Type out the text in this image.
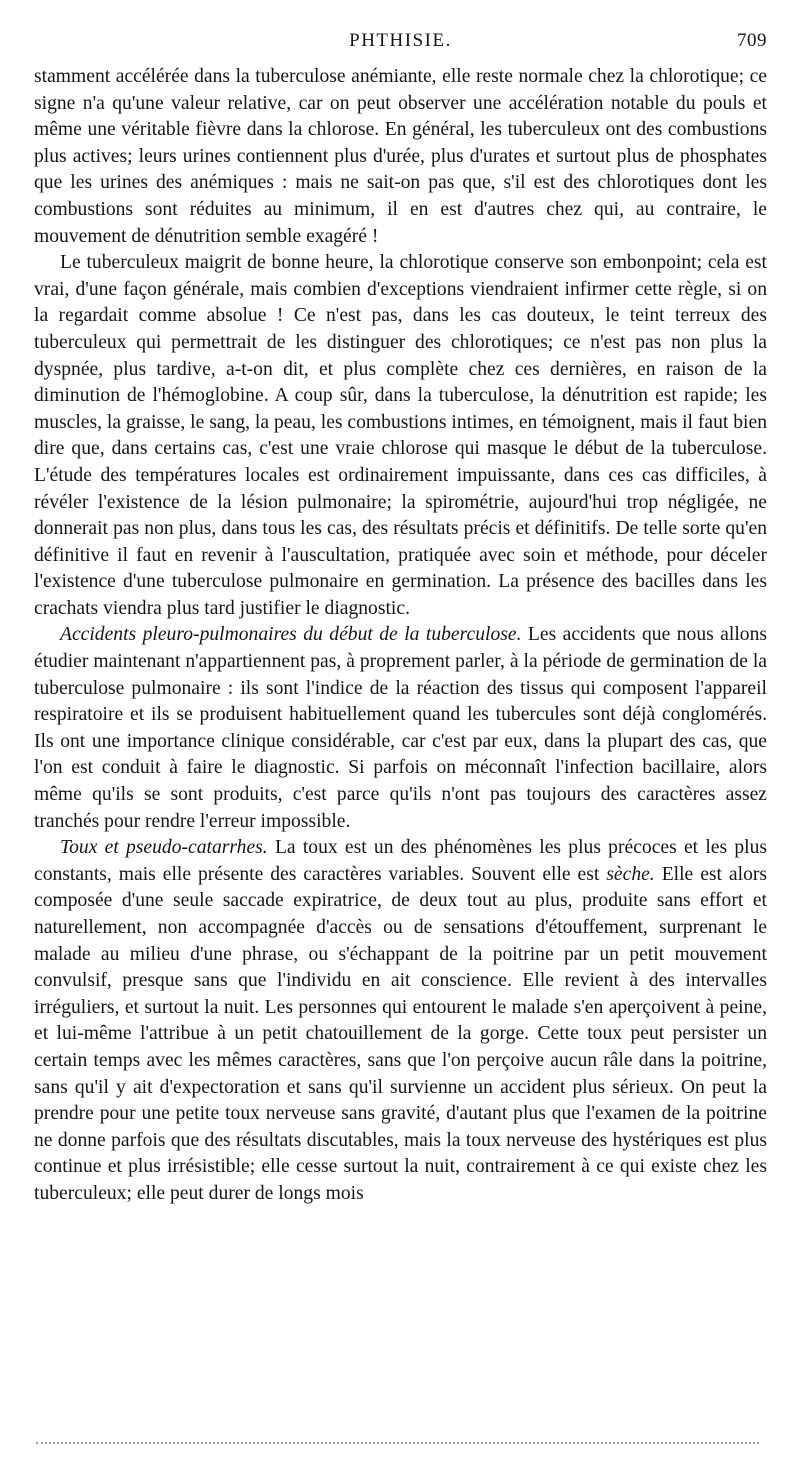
PHTHISIE.	709

stamment accélérée dans la tuberculose anémiante, elle reste normale chez la chlorotique; ce signe n'a qu'une valeur relative, car on peut observer une accélération notable du pouls et même une véritable fièvre dans la chlorose. En général, les tuberculeux ont des combustions plus actives; leurs urines contiennent plus d'urée, plus d'urates et surtout plus de phosphates que les urines des anémiques : mais ne sait-on pas que, s'il est des chlorotiques dont les combustions sont réduites au minimum, il en est d'autres chez qui, au contraire, le mouvement de dénutrition semble exagéré !

Le tuberculeux maigrit de bonne heure, la chlorotique conserve son embonpoint; cela est vrai, d'une façon générale, mais combien d'exceptions viendraient infirmer cette règle, si on la regardait comme absolue ! Ce n'est pas, dans les cas douteux, le teint terreux des tuberculeux qui permettrait de les distinguer des chlorotiques; ce n'est pas non plus la dyspnée, plus tardive, a-t-on dit, et plus complète chez ces dernières, en raison de la diminution de l'hémoglobine. A coup sûr, dans la tuberculose, la dénutrition est rapide; les muscles, la graisse, le sang, la peau, les combustions intimes, en témoignent, mais il faut bien dire que, dans certains cas, c'est une vraie chlorose qui masque le début de la tuberculose. L'étude des températures locales est ordinairement impuissante, dans ces cas difficiles, à révéler l'existence de la lésion pulmonaire; la spirométrie, aujourd'hui trop négligée, ne donnerait pas non plus, dans tous les cas, des résultats précis et définitifs. De telle sorte qu'en définitive il faut en revenir à l'auscultation, pratiquée avec soin et méthode, pour déceler l'existence d'une tuberculose pulmonaire en germination. La présence des bacilles dans les crachats viendra plus tard justifier le diagnostic.

Accidents pleuro-pulmonaires du début de la tuberculose. Les accidents que nous allons étudier maintenant n'appartiennent pas, à proprement parler, à la période de germination de la tuberculose pulmonaire : ils sont l'indice de la réaction des tissus qui composent l'appareil respiratoire et ils se produisent habituellement quand les tubercules sont déjà conglomérés. Ils ont une importance clinique considérable, car c'est par eux, dans la plupart des cas, que l'on est conduit à faire le diagnostic. Si parfois on méconnaît l'infection bacillaire, alors même qu'ils se sont produits, c'est parce qu'ils n'ont pas toujours des caractères assez tranchés pour rendre l'erreur impossible.

Toux et pseudo-catarrhes. La toux est un des phénomènes les plus précoces et les plus constants, mais elle présente des caractères variables. Souvent elle est sèche. Elle est alors composée d'une seule saccade expiratrice, de deux tout au plus, produite sans effort et naturellement, non accompagnée d'accès ou de sensations d'étouffement, surprenant le malade au milieu d'une phrase, ou s'échappant de la poitrine par un petit mouvement convulsif, presque sans que l'individu en ait conscience. Elle revient à des intervalles irréguliers, et surtout la nuit. Les personnes qui entourent le malade s'en aperçoivent à peine, et lui-même l'attribue à un petit chatouillement de la gorge. Cette toux peut persister un certain temps avec les mêmes caractères, sans que l'on perçoive aucun râle dans la poitrine, sans qu'il y ait d'expectoration et sans qu'il survienne un accident plus sérieux. On peut la prendre pour une petite toux nerveuse sans gravité, d'autant plus que l'examen de la poitrine ne donne parfois que des résultats discutables, mais la toux nerveuse des hystériques est plus continue et plus irrésistible; elle cesse surtout la nuit, contrairement à ce qui existe chez les tuberculeux; elle peut durer de longs mois
